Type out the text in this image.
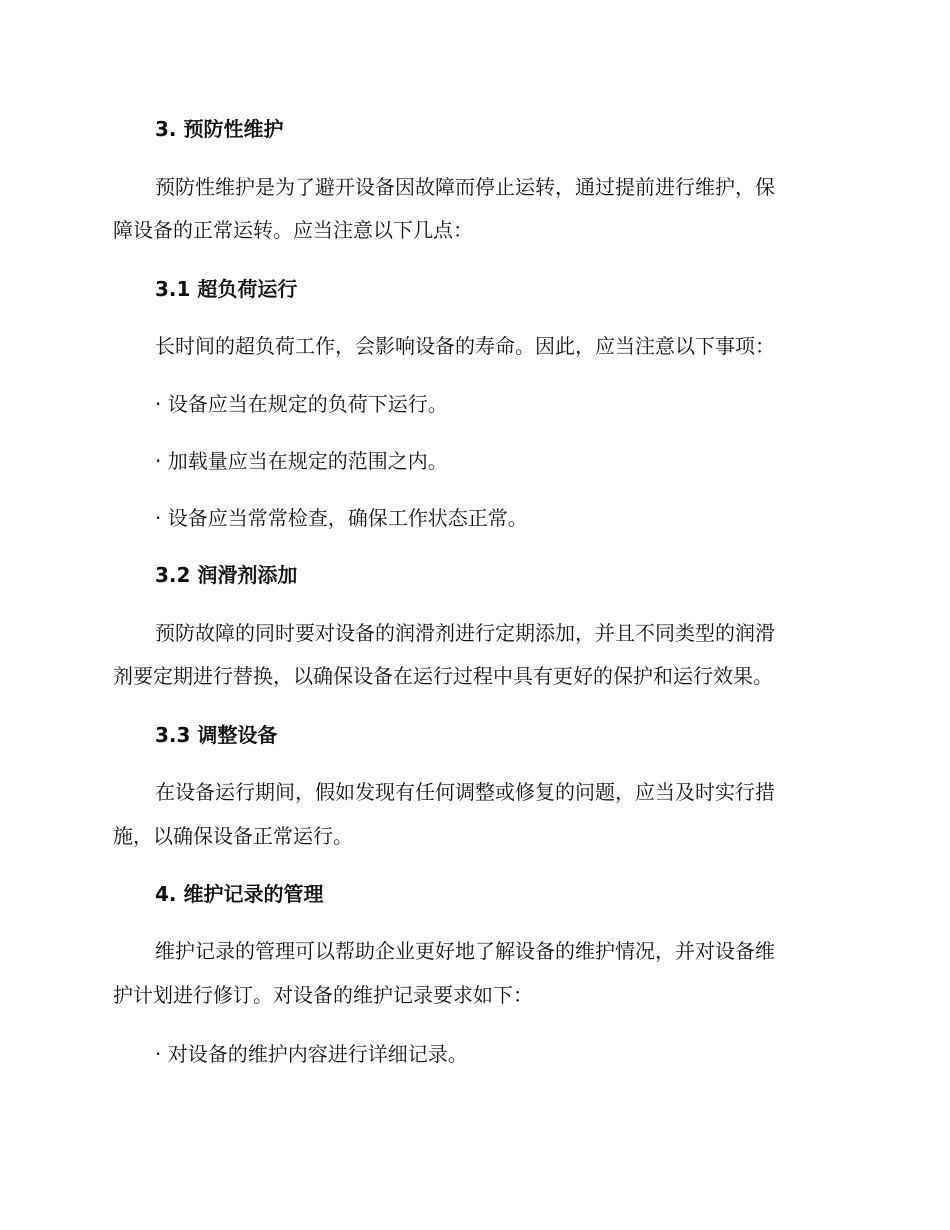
3. 预防性维护
预防性维护是为了避开设备因故障而停止运转，通过提前进行维护，保
障设备的正常运转。应当注意以下几点：
3.1 超负荷运行
长时间的超负荷工作，会影响设备的寿命。因此，应当注意以下事项：
· 设备应当在规定的负荷下运行。
· 加载量应当在规定的范围之内。
· 设备应当常常检查，确保工作状态正常。
3.2 润滑剂添加
预防故障的同时要对设备的润滑剂进行定期添加，并且不同类型的润滑
剂要定期进行替换，以确保设备在运行过程中具有更好的保护和运行效果。
3.3 调整设备
在设备运行期间，假如发现有任何调整或修复的问题，应当及时实行措
施，以确保设备正常运行。
4. 维护记录的管理
维护记录的管理可以帮助企业更好地了解设备的维护情况，并对设备维
护计划进行修订。对设备的维护记录要求如下：
· 对设备的维护内容进行详细记录。
